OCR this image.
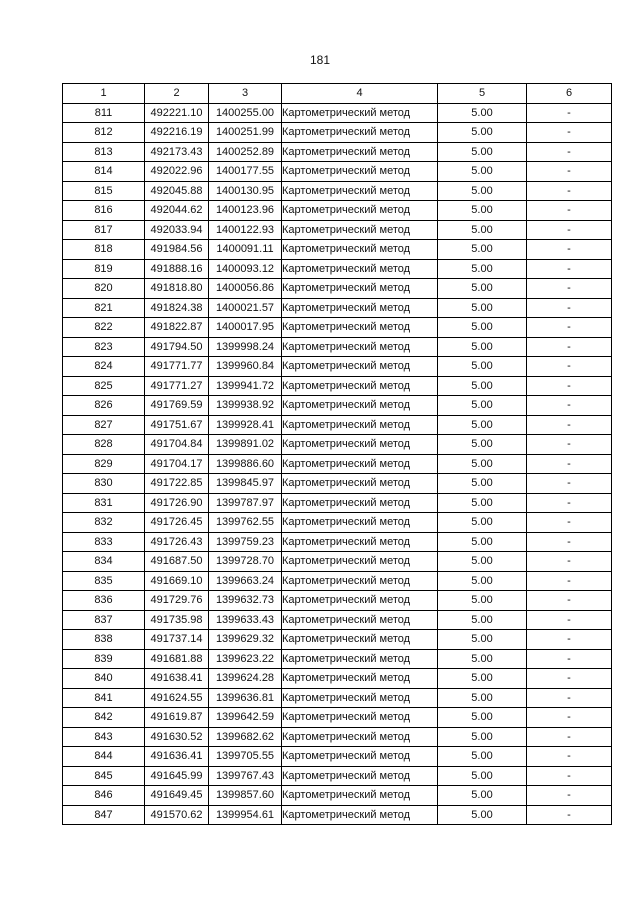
181
1	2	3	4	5	6
811	492221.10	1400255.00	Картометрический метод	5.00	-
812	492216.19	1400251.99	Картометрический метод	5.00	-
813	492173.43	1400252.89	Картометрический метод	5.00	-
814	492022.96	1400177.55	Картометрический метод	5.00	-
815	492045.88	1400130.95	Картометрический метод	5.00	-
816	492044.62	1400123.96	Картометрический метод	5.00	-
817	492033.94	1400122.93	Картометрический метод	5.00	-
818	491984.56	1400091.11	Картометрический метод	5.00	-
819	491888.16	1400093.12	Картометрический метод	5.00	-
820	491818.80	1400056.86	Картометрический метод	5.00	-
821	491824.38	1400021.57	Картометрический метод	5.00	-
822	491822.87	1400017.95	Картометрический метод	5.00	-
823	491794.50	1399998.24	Картометрический метод	5.00	-
824	491771.77	1399960.84	Картометрический метод	5.00	-
825	491771.27	1399941.72	Картометрический метод	5.00	-
826	491769.59	1399938.92	Картометрический метод	5.00	-
827	491751.67	1399928.41	Картометрический метод	5.00	-
828	491704.84	1399891.02	Картометрический метод	5.00	-
829	491704.17	1399886.60	Картометрический метод	5.00	-
830	491722.85	1399845.97	Картометрический метод	5.00	-
831	491726.90	1399787.97	Картометрический метод	5.00	-
832	491726.45	1399762.55	Картометрический метод	5.00	-
833	491726.43	1399759.23	Картометрический метод	5.00	-
834	491687.50	1399728.70	Картометрический метод	5.00	-
835	491669.10	1399663.24	Картометрический метод	5.00	-
836	491729.76	1399632.73	Картометрический метод	5.00	-
837	491735.98	1399633.43	Картометрический метод	5.00	-
838	491737.14	1399629.32	Картометрический метод	5.00	-
839	491681.88	1399623.22	Картометрический метод	5.00	-
840	491638.41	1399624.28	Картометрический метод	5.00	-
841	491624.55	1399636.81	Картометрический метод	5.00	-
842	491619.87	1399642.59	Картометрический метод	5.00	-
843	491630.52	1399682.62	Картометрический метод	5.00	-
844	491636.41	1399705.55	Картометрический метод	5.00	-
845	491645.99	1399767.43	Картометрический метод	5.00	-
846	491649.45	1399857.60	Картометрический метод	5.00	-
847	491570.62	1399954.61	Картометрический метод	5.00	-
